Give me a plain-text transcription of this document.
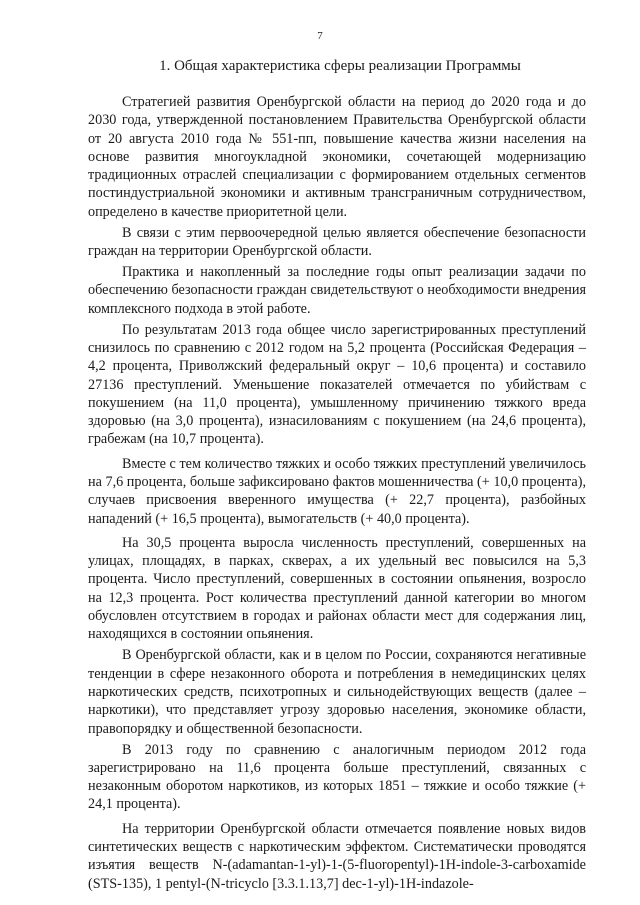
7
1. Общая характеристика сферы реализации Программы

Стратегией развития Оренбургской области на период до 2020 года и до 2030 года, утвержденной постановлением Правительства Оренбургской области от 20 августа 2010 года № 551-пп, повышение качества жизни населения на основе развития многоукладной экономики, сочетающей модернизацию традиционных отраслей специализации с формированием отдельных сегментов постиндустриальной экономики и активным трансграничным сотрудничеством, определено в качестве приоритетной цели.

В связи с этим первоочередной целью является обеспечение безопасности граждан на территории Оренбургской области.

Практика и накопленный за последние годы опыт реализации задачи по обеспечению безопасности граждан свидетельствуют о необходимости внедрения комплексного подхода в этой работе.

По результатам 2013 года общее число зарегистрированных преступлений снизилось по сравнению с 2012 годом на 5,2 процента (Российская Федерация – 4,2 процента, Приволжский федеральный округ – 10,6 процента) и составило 27136 преступлений. Уменьшение показателей отмечается по убийствам с покушением (на 11,0 процента), умышленному причинению тяжкого вреда здоровью (на 3,0 процента), изнасилованиям с покушением (на 24,6 процента), грабежам (на 10,7 процента).

Вместе с тем количество тяжких и особо тяжких преступлений увеличилось на 7,6 процента, больше зафиксировано фактов мошенничества (+ 10,0 процента), случаев присвоения вверенного имущества (+ 22,7 процента), разбойных нападений (+ 16,5 процента), вымогательств (+ 40,0 процента).

На 30,5 процента выросла численность преступлений, совершенных на улицах, площадях, в парках, скверах, а их удельный вес повысился на 5,3 процента. Число преступлений, совершенных в состоянии опьянения, возросло на 12,3 процента. Рост количества преступлений данной категории во многом обусловлен отсутствием в городах и районах области мест для содержания лиц, находящихся в состоянии опьянения.

В Оренбургской области, как и в целом по России, сохраняются негативные тенденции в сфере незаконного оборота и потребления в немедицинских целях наркотических средств, психотропных и сильнодействующих веществ (далее – наркотики), что представляет угрозу здоровью населения, экономике области, правопорядку и общественной безопасности.

В 2013 году по сравнению с аналогичным периодом 2012 года зарегистрировано на 11,6 процента больше преступлений, связанных с незаконным оборотом наркотиков, из которых 1851 – тяжкие и особо тяжкие (+ 24,1 процента).

На территории Оренбургской области отмечается появление новых видов синтетических веществ с наркотическим эффектом. Систематически проводятся изъятия веществ N-(adamantan-1-yl)-1-(5-fluoropentyl)-1H-indole-3-carboxamide (STS-135), 1 pentyl-(N-tricyclo [3.3.1.13,7] dec-1-yl)-1H-indazole-
